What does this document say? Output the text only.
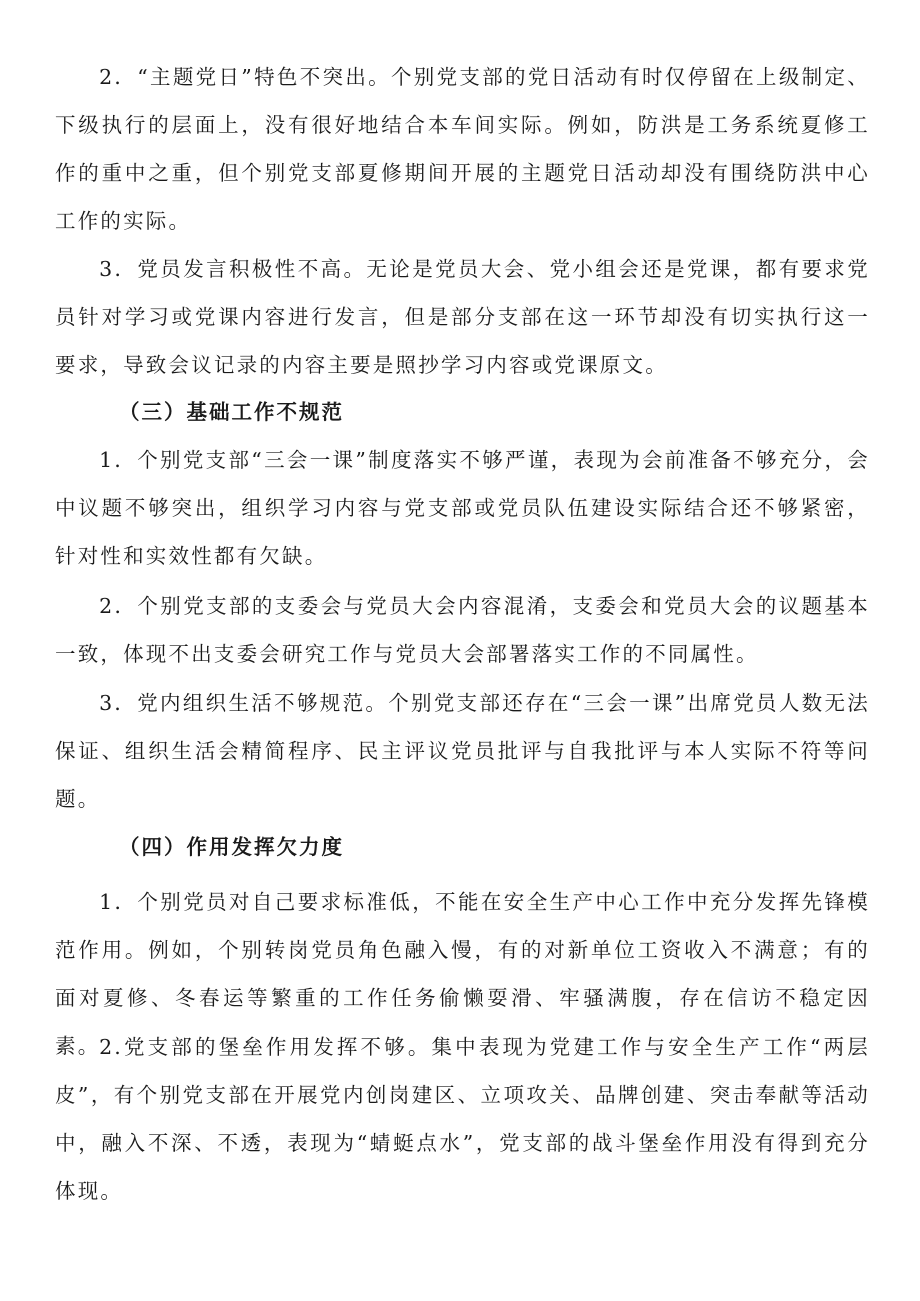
2．“主题党日”特色不突出。个别党支部的党日活动有时仅停留在上级制定、下级执行的层面上，没有很好地结合本车间实际。例如，防洪是工务系统夏修工作的重中之重，但个别党支部夏修期间开展的主题党日活动却没有围绕防洪中心工作的实际。

3．党员发言积极性不高。无论是党员大会、党小组会还是党课，都有要求党员针对学习或党课内容进行发言，但是部分支部在这一环节却没有切实执行这一要求，导致会议记录的内容主要是照抄学习内容或党课原文。

（三）基础工作不规范

1．个别党支部“三会一课”制度落实不够严谨，表现为会前准备不够充分，会中议题不够突出，组织学习内容与党支部或党员队伍建设实际结合还不够紧密，针对性和实效性都有欠缺。

2．个别党支部的支委会与党员大会内容混淆，支委会和党员大会的议题基本一致，体现不出支委会研究工作与党员大会部署落实工作的不同属性。

3．党内组织生活不够规范。个别党支部还存在“三会一课”出席党员人数无法保证、组织生活会精简程序、民主评议党员批评与自我批评与本人实际不符等问题。

（四）作用发挥欠力度

1．个别党员对自己要求标准低，不能在安全生产中心工作中充分发挥先锋模范作用。例如，个别转岗党员角色融入慢，有的对新单位工资收入不满意；有的面对夏修、冬春运等繁重的工作任务偷懒耍滑、牢骚满腹，存在信访不稳定因素。

2.党支部的堡垒作用发挥不够。集中表现为党建工作与安全生产工作“两层皮”，有个别党支部在开展党内创岗建区、立项攻关、品牌创建、突击奉献等活动中，融入不深、不透，表现为“蜻蜓点水”，党支部的战斗堡垒作用没有得到充分体现。
